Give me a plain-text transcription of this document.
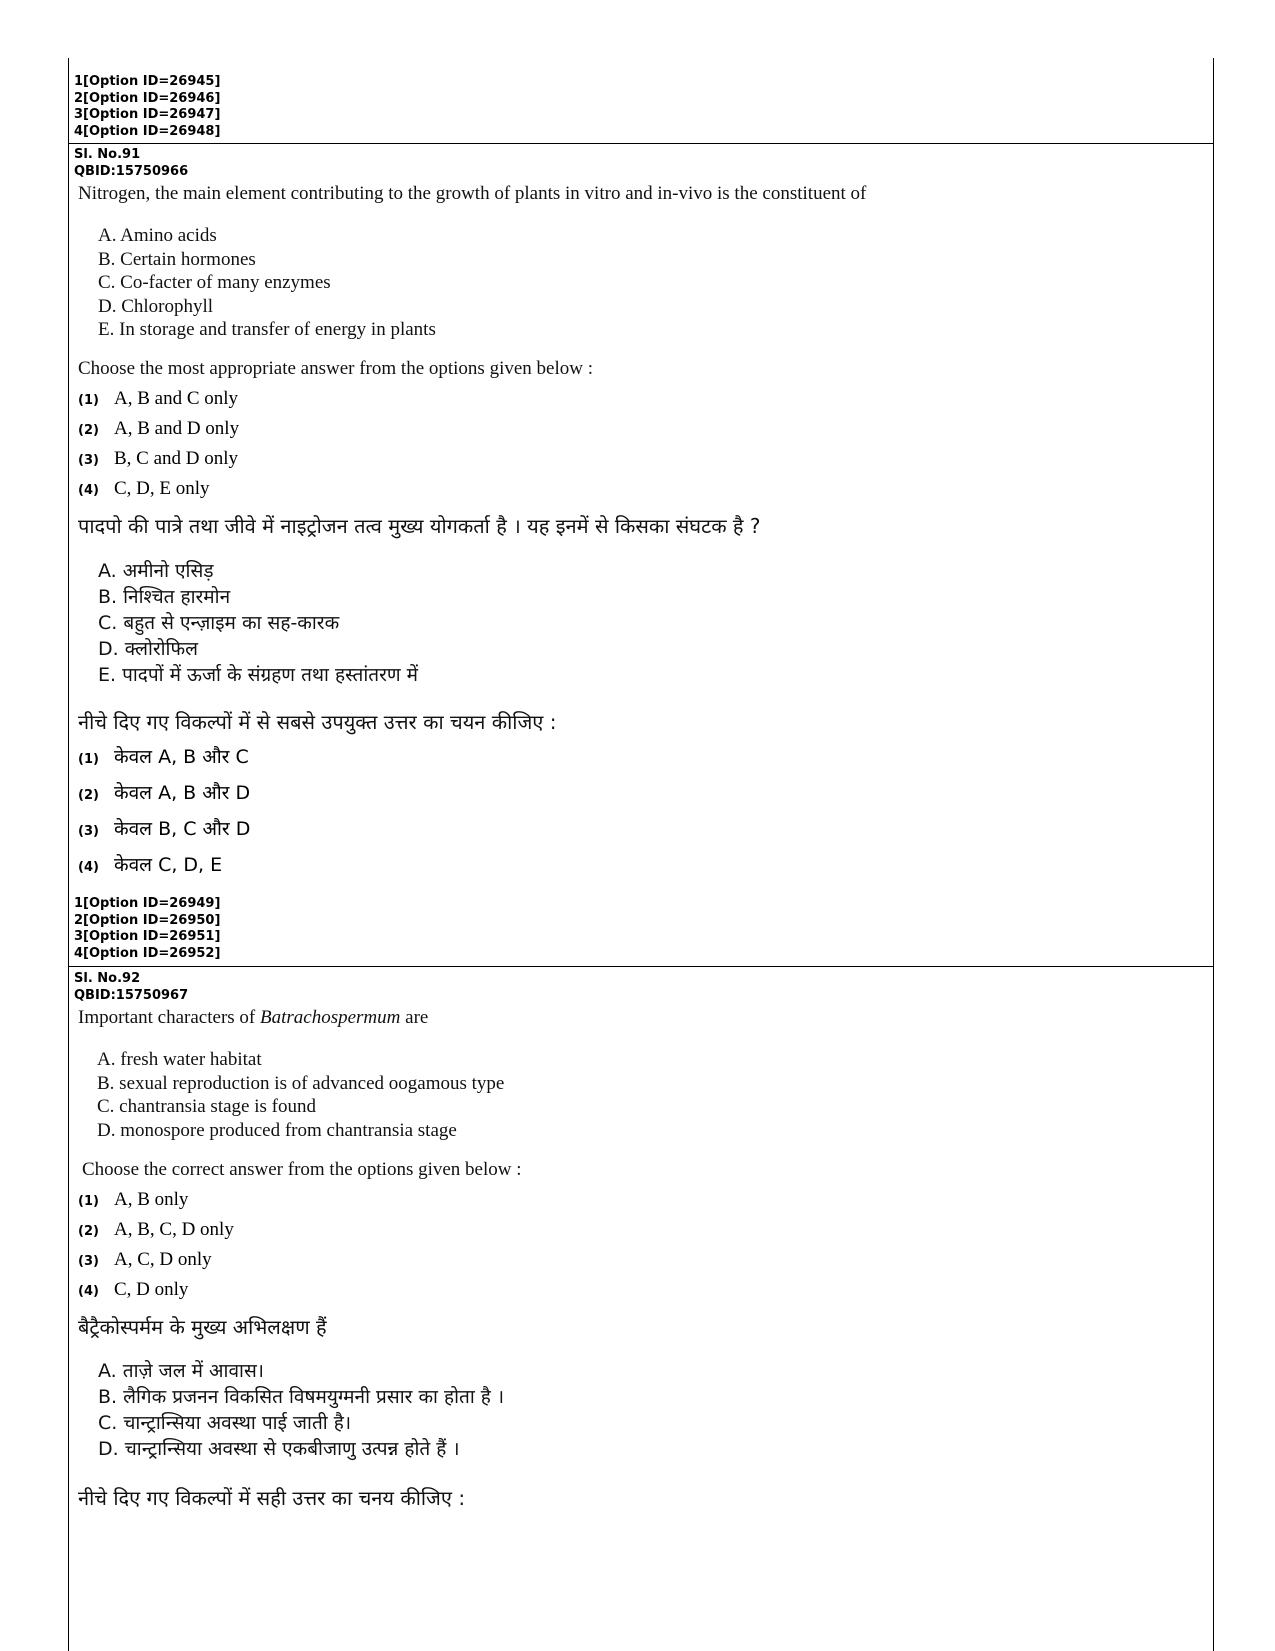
1[Option ID=26945]
2[Option ID=26946]
3[Option ID=26947]
4[Option ID=26948]
Sl. No.91
QBID:15750966
Nitrogen, the main element contributing to the growth of plants in vitro and in-vivo is the constituent of
A. Amino acids
B. Certain hormones
C. Co-facter of many enzymes
D. Chlorophyll
E. In storage and transfer of energy in plants
Choose the most appropriate answer from the options given below :
(1) A, B and C only
(2) A, B and D only
(3) B, C and D only
(4) C, D, E only
पादपो की पात्रे तथा जीवे में नाइट्रोजन तत्व मुख्य योगकर्ता है । यह इनमें से किसका संघटक है ?
A. अमीनो एसिड़
B. निश्चित हारमोन
C. बहुत से एन्ज़ाइम का सह-कारक
D. क्लोरोफिल
E. पादपों में ऊर्जा के संग्रहण तथा हस्तांतरण में
नीचे दिए गए विकल्पों में से सबसे उपयुक्त उत्तर का चयन कीजिए :
(1) केवल A, B और C
(2) केवल A, B और D
(3) केवल B, C और D
(4) केवल C, D, E
1[Option ID=26949]
2[Option ID=26950]
3[Option ID=26951]
4[Option ID=26952]
Sl. No.92
QBID:15750967
Important characters of Batrachospermum are
A. fresh water habitat
B. sexual reproduction is of advanced oogamous type
C. chantransia stage is found
D. monospore produced from chantransia stage
Choose the correct answer from the options given below :
(1) A, B only
(2) A, B, C, D only
(3) A, C, D only
(4) C, D only
बैट्रैकोस्पर्मम के मुख्य अभिलक्षण हैं
A. ताज़े जल में आवास।
B. लैगिक प्रजनन विकसित विषमयुग्मनी प्रसार का होता है ।
C. चान्ट्रान्सिया अवस्था पाई जाती है।
D. चान्ट्रान्सिया अवस्था से एकबीजाणु उत्पन्न होते हैं ।
नीचे दिए गए विकल्पों में सही उत्तर का चनय कीजिए :
